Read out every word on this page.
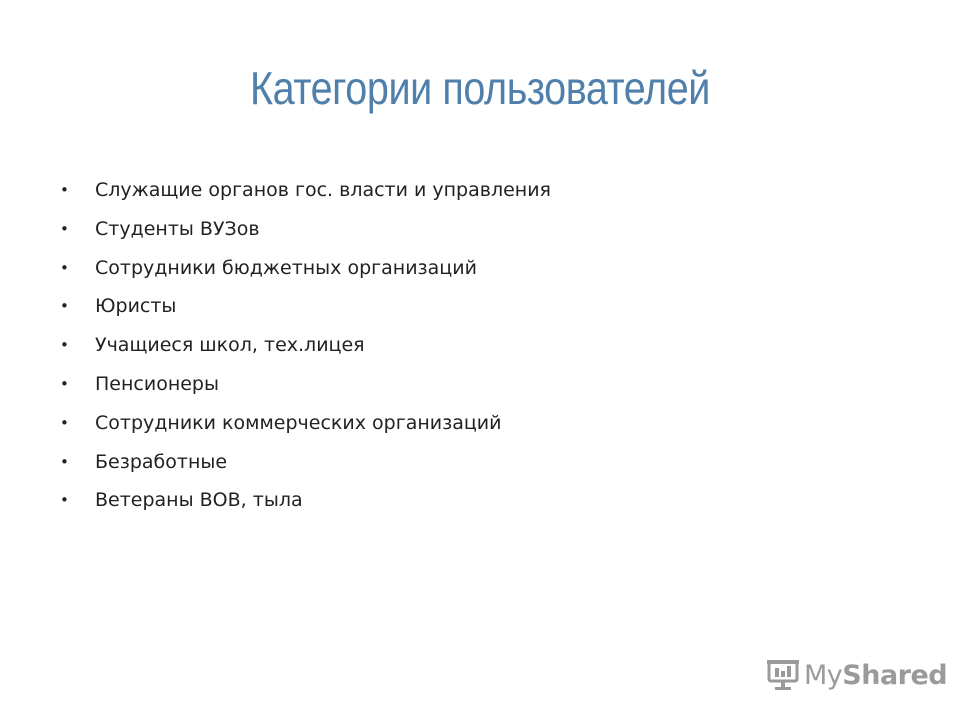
Категории пользователей
• Служащие органов гос. власти и управления
• Студенты ВУЗов
• Сотрудники бюджетных организаций
• Юристы
• Учащиеся школ, тех.лицея
• Пенсионеры
• Сотрудники коммерческих организаций
• Безработные
• Ветераны ВОВ, тыла
MyShared
